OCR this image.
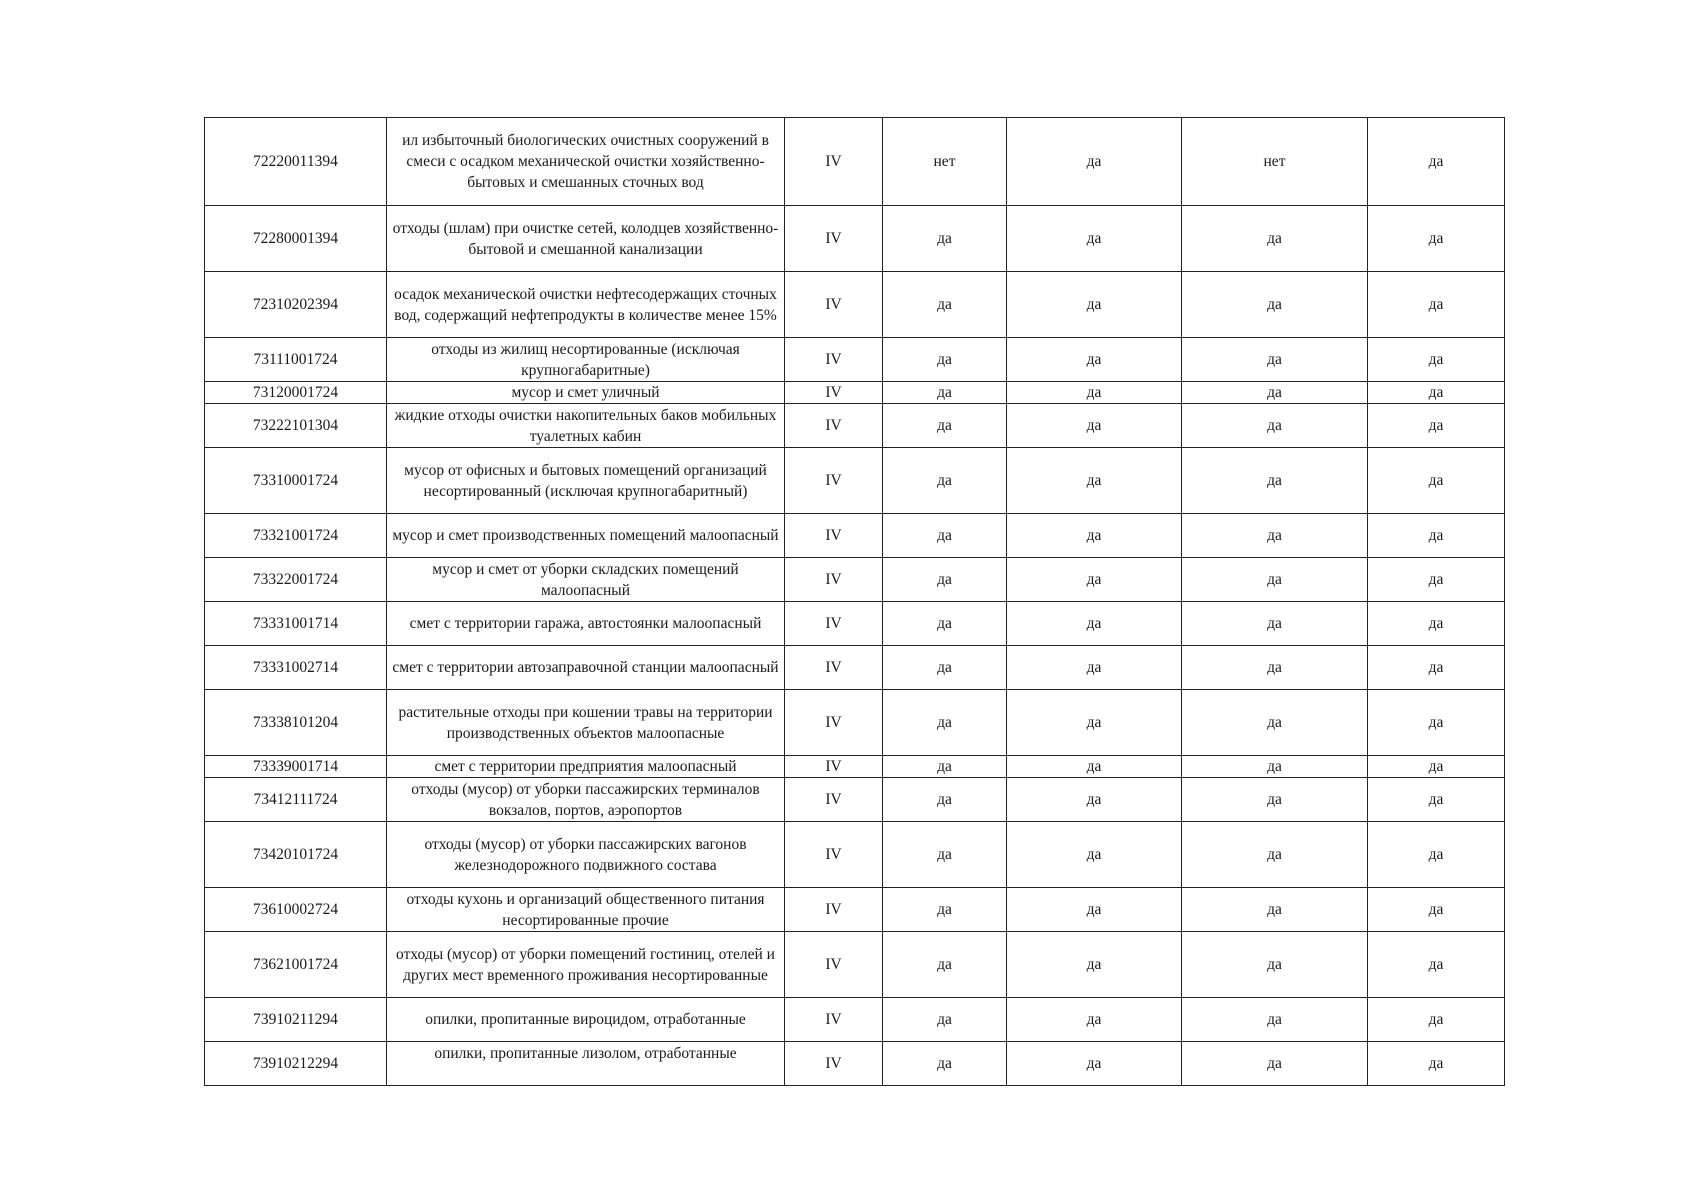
72220011394	ил избыточный биологических очистных сооружений в смеси с осадком механической очистки хозяйственно-бытовых и смешанных сточных вод	IV	нет	да	нет	да
72280001394	отходы (шлам) при очистке сетей, колодцев хозяйственно-бытовой и смешанной канализации	IV	да	да	да	да
72310202394	осадок механической очистки нефтесодержащих сточных вод, содержащий нефтепродукты в количестве менее 15%	IV	да	да	да	да
73111001724	отходы из жилищ несортированные (исключая крупногабаритные)	IV	да	да	да	да
73120001724	мусор и смет уличный	IV	да	да	да	да
73222101304	жидкие отходы очистки накопительных баков мобильных туалетных кабин	IV	да	да	да	да
73310001724	мусор от офисных и бытовых помещений организаций несортированный (исключая крупногабаритный)	IV	да	да	да	да
73321001724	мусор и смет производственных помещений малоопасный	IV	да	да	да	да
73322001724	мусор и смет от уборки складских помещений малоопасный	IV	да	да	да	да
73331001714	смет с территории гаража, автостоянки малоопасный	IV	да	да	да	да
73331002714	смет с территории автозаправочной станции малоопасный	IV	да	да	да	да
73338101204	растительные отходы при кошении травы на территории производственных объектов малоопасные	IV	да	да	да	да
73339001714	смет с территории предприятия малоопасный	IV	да	да	да	да
73412111724	отходы (мусор) от уборки пассажирских терминалов вокзалов, портов, аэропортов	IV	да	да	да	да
73420101724	отходы (мусор) от уборки пассажирских вагонов железнодорожного подвижного состава	IV	да	да	да	да
73610002724	отходы кухонь и организаций общественного питания несортированные прочие	IV	да	да	да	да
73621001724	отходы (мусор) от уборки помещений гостиниц, отелей и других мест временного проживания несортированные	IV	да	да	да	да
73910211294	опилки, пропитанные вироцидом, отработанные	IV	да	да	да	да
73910212294	опилки, пропитанные лизолом, отработанные	IV	да	да	да	да
